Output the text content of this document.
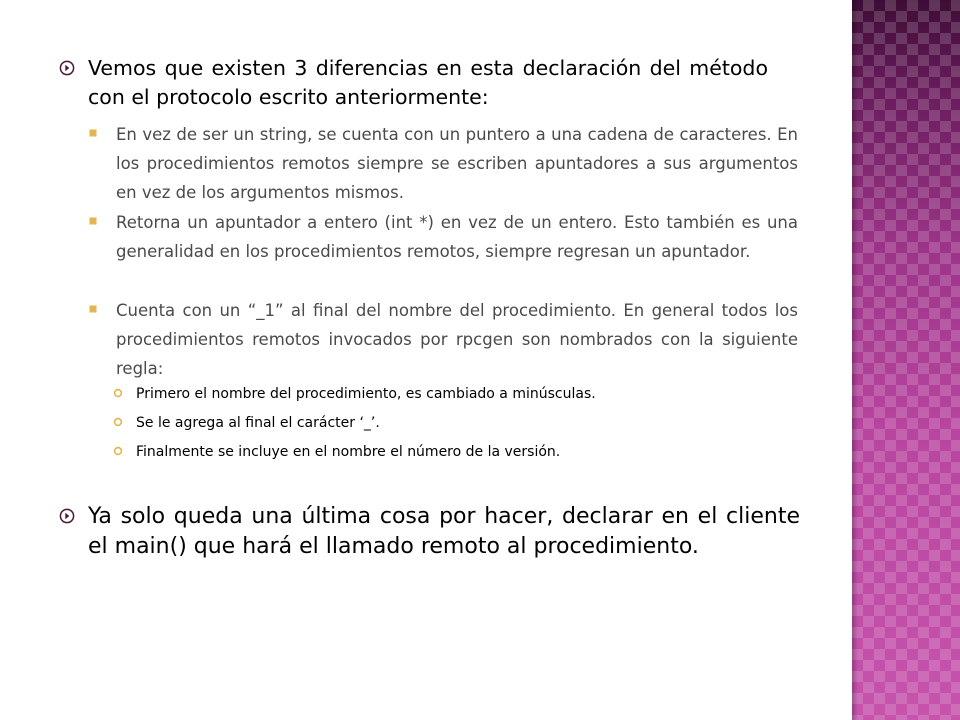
Vemos que existen 3 diferencias en esta declaración del método con el protocolo escrito anteriormente:
En vez de ser un string, se cuenta con un puntero a una cadena de caracteres. En los procedimientos remotos siempre se escriben apuntadores a sus argumentos en vez de los argumentos mismos.
Retorna un apuntador a entero (int *) en vez de un entero. Esto también es una generalidad en los procedimientos remotos, siempre regresan un apuntador.
Cuenta con un “_1” al final del nombre del procedimiento. En general todos los procedimientos remotos invocados por rpcgen son nombrados con la siguiente regla:
Primero el nombre del procedimiento, es cambiado a minúsculas.
Se le agrega al final el carácter ‘_’.
Finalmente se incluye en el nombre el número de la versión.
Ya solo queda una última cosa por hacer, declarar en el cliente el main() que hará el llamado remoto al procedimiento.
